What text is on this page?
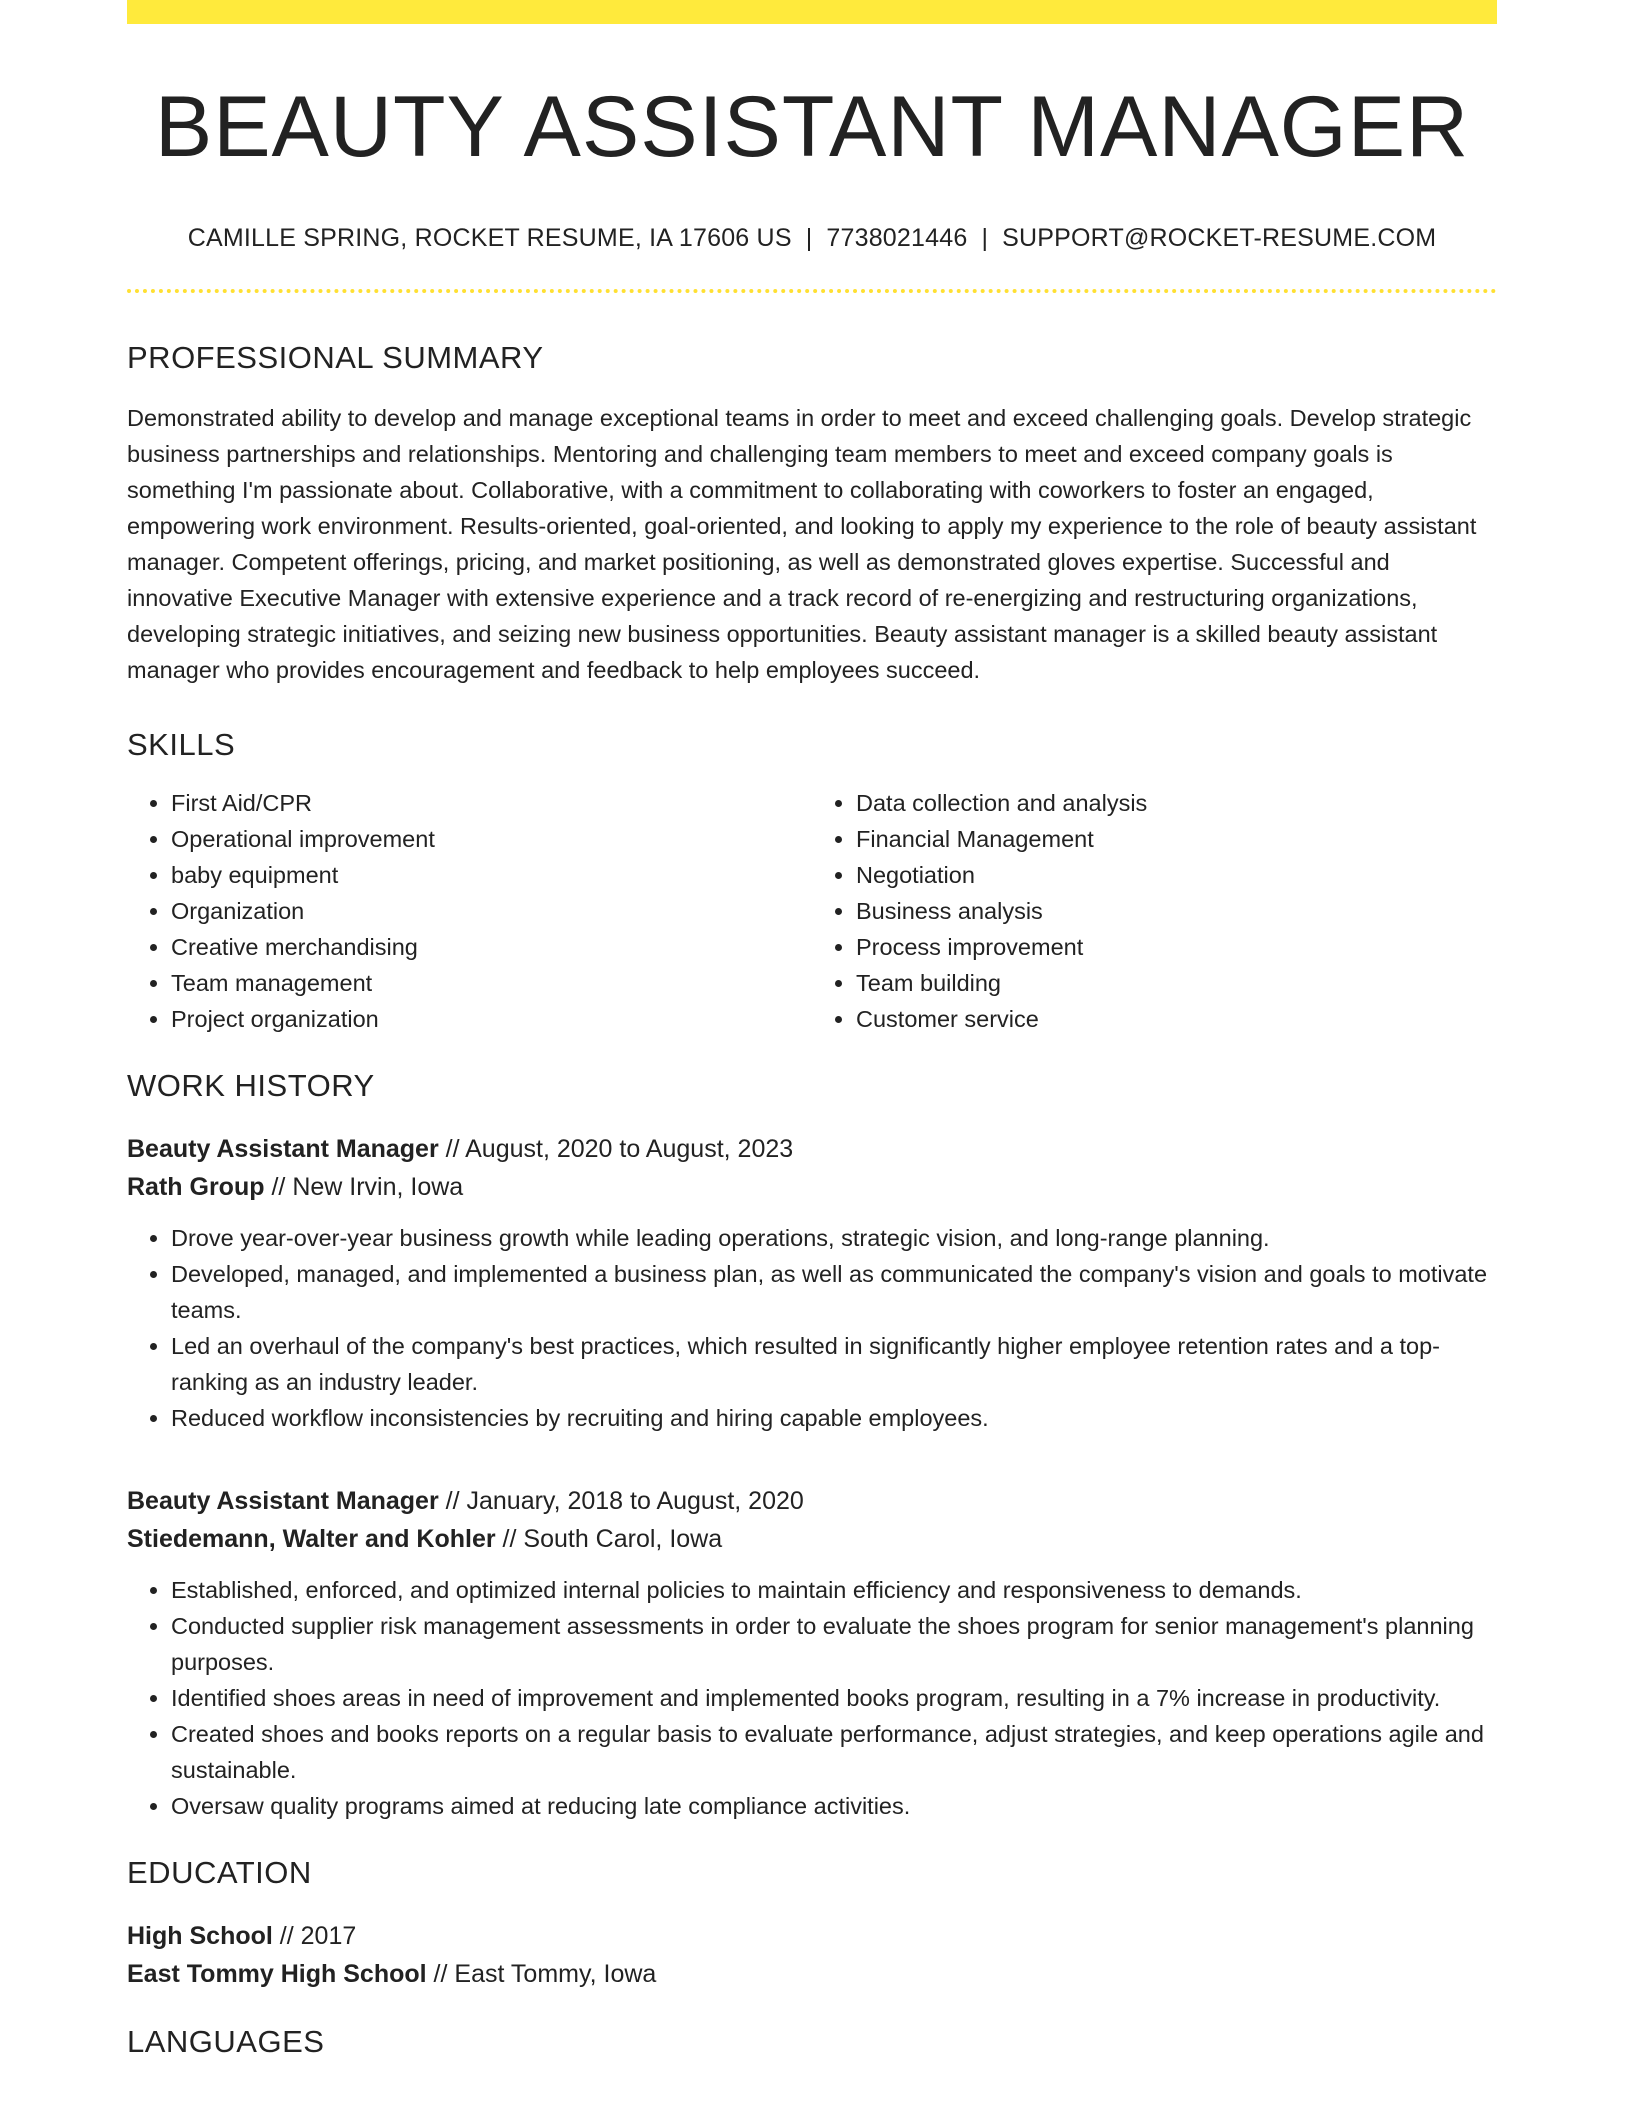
BEAUTY ASSISTANT MANAGER
CAMILLE SPRING, ROCKET RESUME, IA 17606 US | 7738021446 | SUPPORT@ROCKET-RESUME.COM
PROFESSIONAL SUMMARY

Demonstrated ability to develop and manage exceptional teams in order to meet and exceed challenging goals. Develop strategic business partnerships and relationships. Mentoring and challenging team members to meet and exceed company goals is something I'm passionate about. Collaborative, with a commitment to collaborating with coworkers to foster an engaged, empowering work environment. Results-oriented, goal-oriented, and looking to apply my experience to the role of beauty assistant manager. Competent offerings, pricing, and market positioning, as well as demonstrated gloves expertise. Successful and innovative Executive Manager with extensive experience and a track record of re-energizing and restructuring organizations, developing strategic initiatives, and seizing new business opportunities. Beauty assistant manager is a skilled beauty assistant manager who provides encouragement and feedback to help employees succeed.

SKILLS
• First Aid/CPR
• Operational improvement
• baby equipment
• Organization
• Creative merchandising
• Team management
• Project organization
• Data collection and analysis
• Financial Management
• Negotiation
• Business analysis
• Process improvement
• Team building
• Customer service
WORK HISTORY
Beauty Assistant Manager // August, 2020 to August, 2023
Rath Group // New Irvin, Iowa
• Drove year-over-year business growth while leading operations, strategic vision, and long-range planning.
• Developed, managed, and implemented a business plan, as well as communicated the company's vision and goals to motivate teams.
• Led an overhaul of the company's best practices, which resulted in significantly higher employee retention rates and a top-ranking as an industry leader.
• Reduced workflow inconsistencies by recruiting and hiring capable employees.
Beauty Assistant Manager // January, 2018 to August, 2020
Stiedemann, Walter and Kohler // South Carol, Iowa
• Established, enforced, and optimized internal policies to maintain efficiency and responsiveness to demands.
• Conducted supplier risk management assessments in order to evaluate the shoes program for senior management's planning purposes.
• Identified shoes areas in need of improvement and implemented books program, resulting in a 7% increase in productivity.
• Created shoes and books reports on a regular basis to evaluate performance, adjust strategies, and keep operations agile and sustainable.
• Oversaw quality programs aimed at reducing late compliance activities.
EDUCATION
High School // 2017
East Tommy High School // East Tommy, Iowa
LANGUAGES
